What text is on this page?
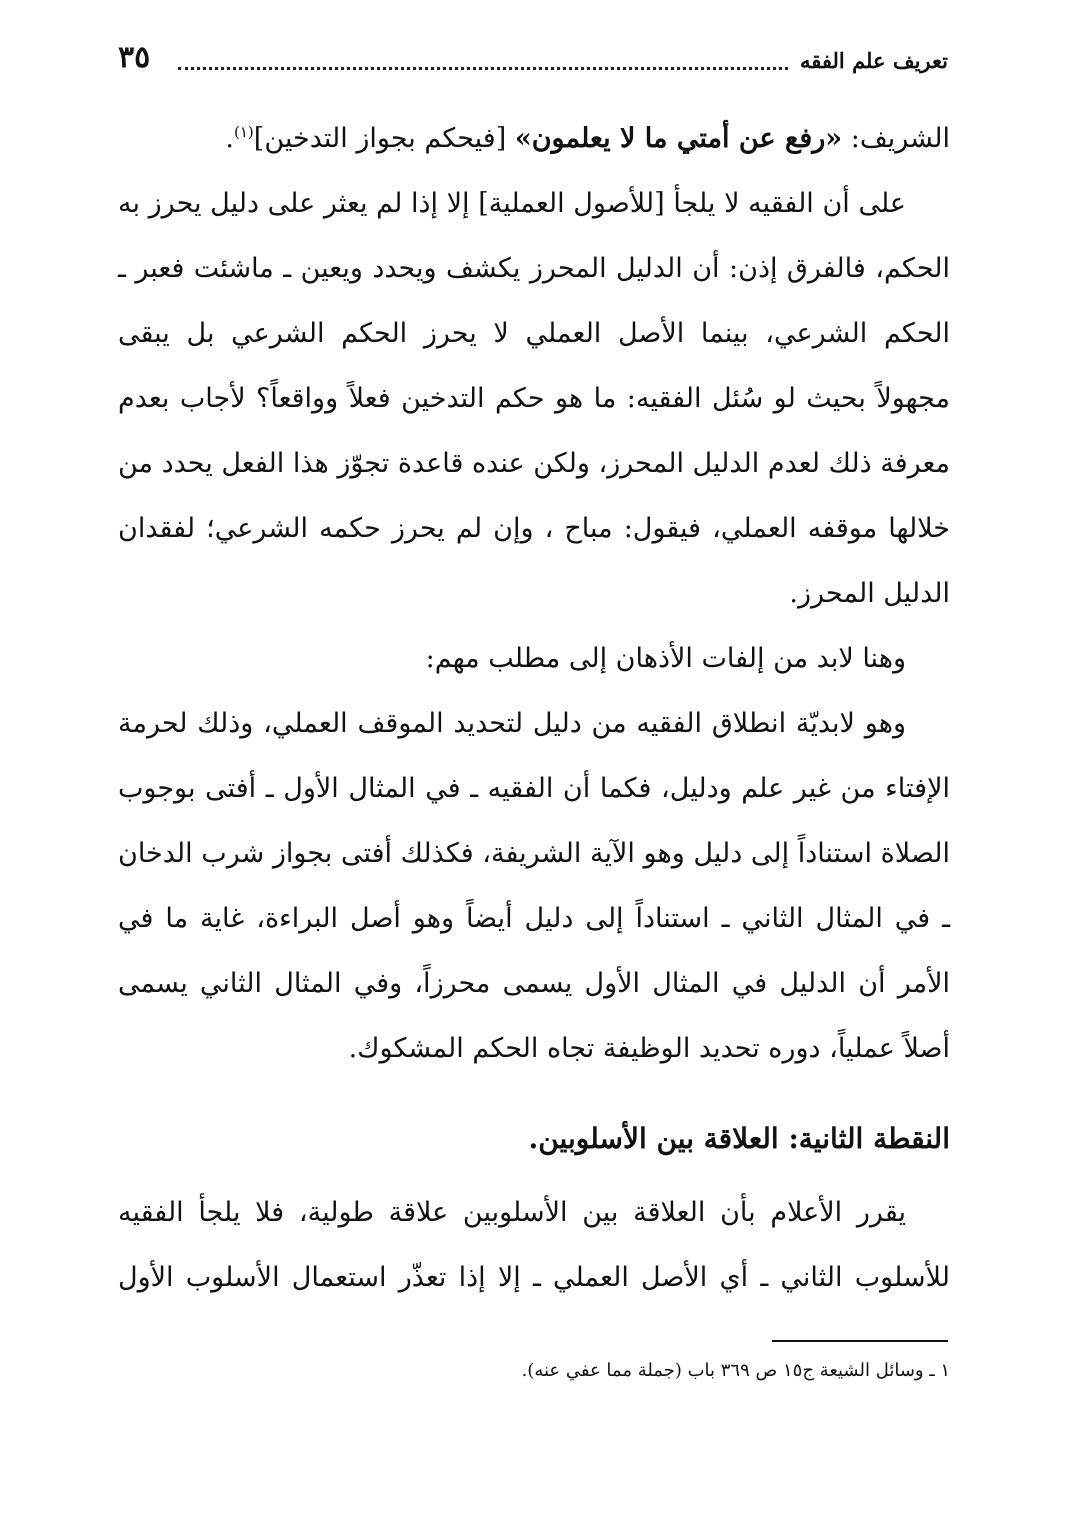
تعريف علم الفقه
٣٥

الشريف: «رفع عن أمتي ما لا يعلمون» [فيحكم بجواز التدخين]$^{(١)}$.

على أن الفقيه لا يلجأ [للأصول العملية] إلا إذا لم يعثر على دليل يحرز به الحكم، فالفرق إذن: أن الدليل المحرز يكشف ويحدد ويعين ـ ماشئت فعبر ـ الحكم الشرعي، بينما الأصل العملي لا يحرز الحكم الشرعي بل يبقى مجهولاً بحيث لو سُئل الفقيه: ما هو حكم التدخين فعلاً وواقعاً؟ لأجاب بعدم معرفة ذلك لعدم الدليل المحرز، ولكن عنده قاعدة تجوّز هذا الفعل يحدد من خلالها موقفه العملي، فيقول: مباح ، وإن لم يحرز حكمه الشرعي؛ لفقدان الدليل المحرز.

وهنا لابد من إلفات الأذهان إلى مطلب مهم:

وهو لابديّة انطلاق الفقيه من دليل لتحديد الموقف العملي، وذلك لحرمة الإفتاء من غير علم ودليل، فكما أن الفقيه ـ في المثال الأول ـ أفتى بوجوب الصلاة استناداً إلى دليل وهو الآية الشريفة، فكذلك أفتى بجواز شرب الدخان ـ في المثال الثاني ـ استناداً إلى دليل أيضاً وهو أصل البراءة، غاية ما في الأمر أن الدليل في المثال الأول يسمى محرزاً، وفي المثال الثاني يسمى أصلاً عملياً، دوره تحديد الوظيفة تجاه الحكم المشكوك.

النقطة الثانية: العلاقة بين الأسلوبين.

يقرر الأعلام بأن العلاقة بين الأسلوبين علاقة طولية، فلا يلجأ الفقيه للأسلوب الثاني ـ أي الأصل العملي ـ إلا إذا تعذّر استعمال الأسلوب الأول

١ ـ وسائل الشيعة ج١٥ ص ٣٦٩ باب (جملة مما عفي عنه).
